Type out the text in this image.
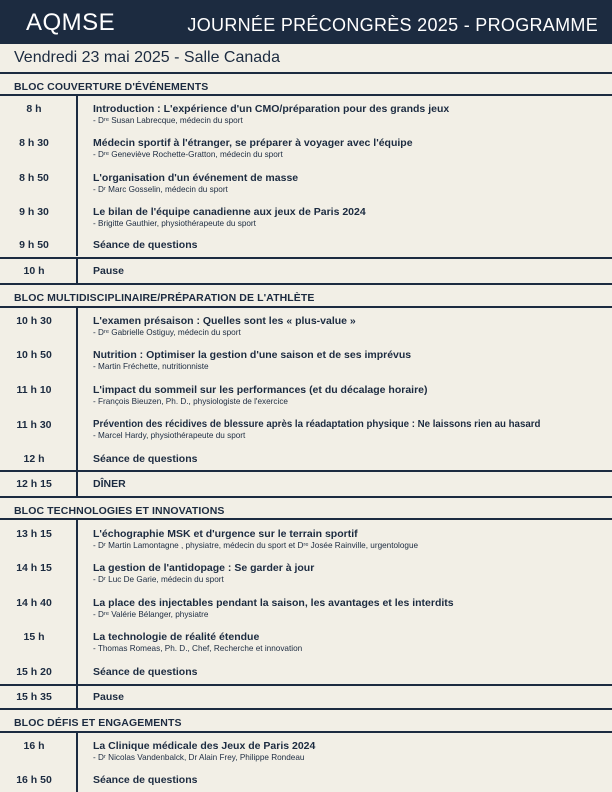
AQMSE	JOURNÉE PRÉCONGRÈS 2025 - PROGRAMME
Vendredi 23 mai 2025 - Salle Canada
BLOC COUVERTURE D'ÉVÉNEMENTS
8 h	Introduction : L'expérience d'un CMO/préparation pour des grands jeux
- Dʳᵉ Susan Labrecque, médecin du sport
8 h 30	Médecin sportif à l'étranger, se préparer à voyager avec l'équipe
- Dʳᵉ Geneviève Rochette-Gratton, médecin du sport
8 h 50	L'organisation d'un événement de masse
- Dʳ Marc Gosselin, médecin du sport
9 h 30	Le bilan de l'équipe canadienne aux jeux de Paris 2024
- Brigitte Gauthier, physiothérapeute du sport
9 h 50	Séance de questions
10 h	Pause
BLOC MULTIDISCIPLINAIRE/PRÉPARATION DE L'ATHLÈTE
10 h 30	L'examen présaison : Quelles sont les « plus-value »
- Dʳᵉ Gabrielle Ostiguy, médecin du sport
10 h 50	Nutrition : Optimiser la gestion d'une saison et de ses imprévus
- Martin Fréchette, nutritionniste
11 h 10	L'impact du sommeil sur les performances (et du décalage horaire)
- François Bieuzen, Ph. D., physiologiste de l'exercice
11 h 30	Prévention des récidives de blessure après la réadaptation physique : Ne laissons rien au hasard
- Marcel Hardy, physiothérapeute du sport
12 h	Séance de questions
12 h 15	DÎNER
BLOC TECHNOLOGIES ET INNOVATIONS
13 h 15	L'échographie MSK et d'urgence sur le terrain sportif
- Dʳ Martin Lamontagne , physiatre, médecin du sport et Dʳᵉ Josée Rainville, urgentologue
14 h 15	La gestion de l'antidopage : Se garder à jour
- Dʳ Luc De Garie, médecin du sport
14 h 40	La place des injectables pendant la saison, les avantages et les interdits
- Dʳᵉ Valérie Bélanger, physiatre
15 h	La technologie de réalité étendue
- Thomas Romeas, Ph. D., Chef, Recherche et innovation
15 h 20	Séance de questions
15 h 35	Pause
BLOC DÉFIS ET ENGAGEMENTS
16 h	La Clinique médicale des Jeux de Paris 2024
- Dʳ Nicolas Vandenbalck, Dr Alain Frey, Philippe Rondeau
16 h 50	Séance de questions
